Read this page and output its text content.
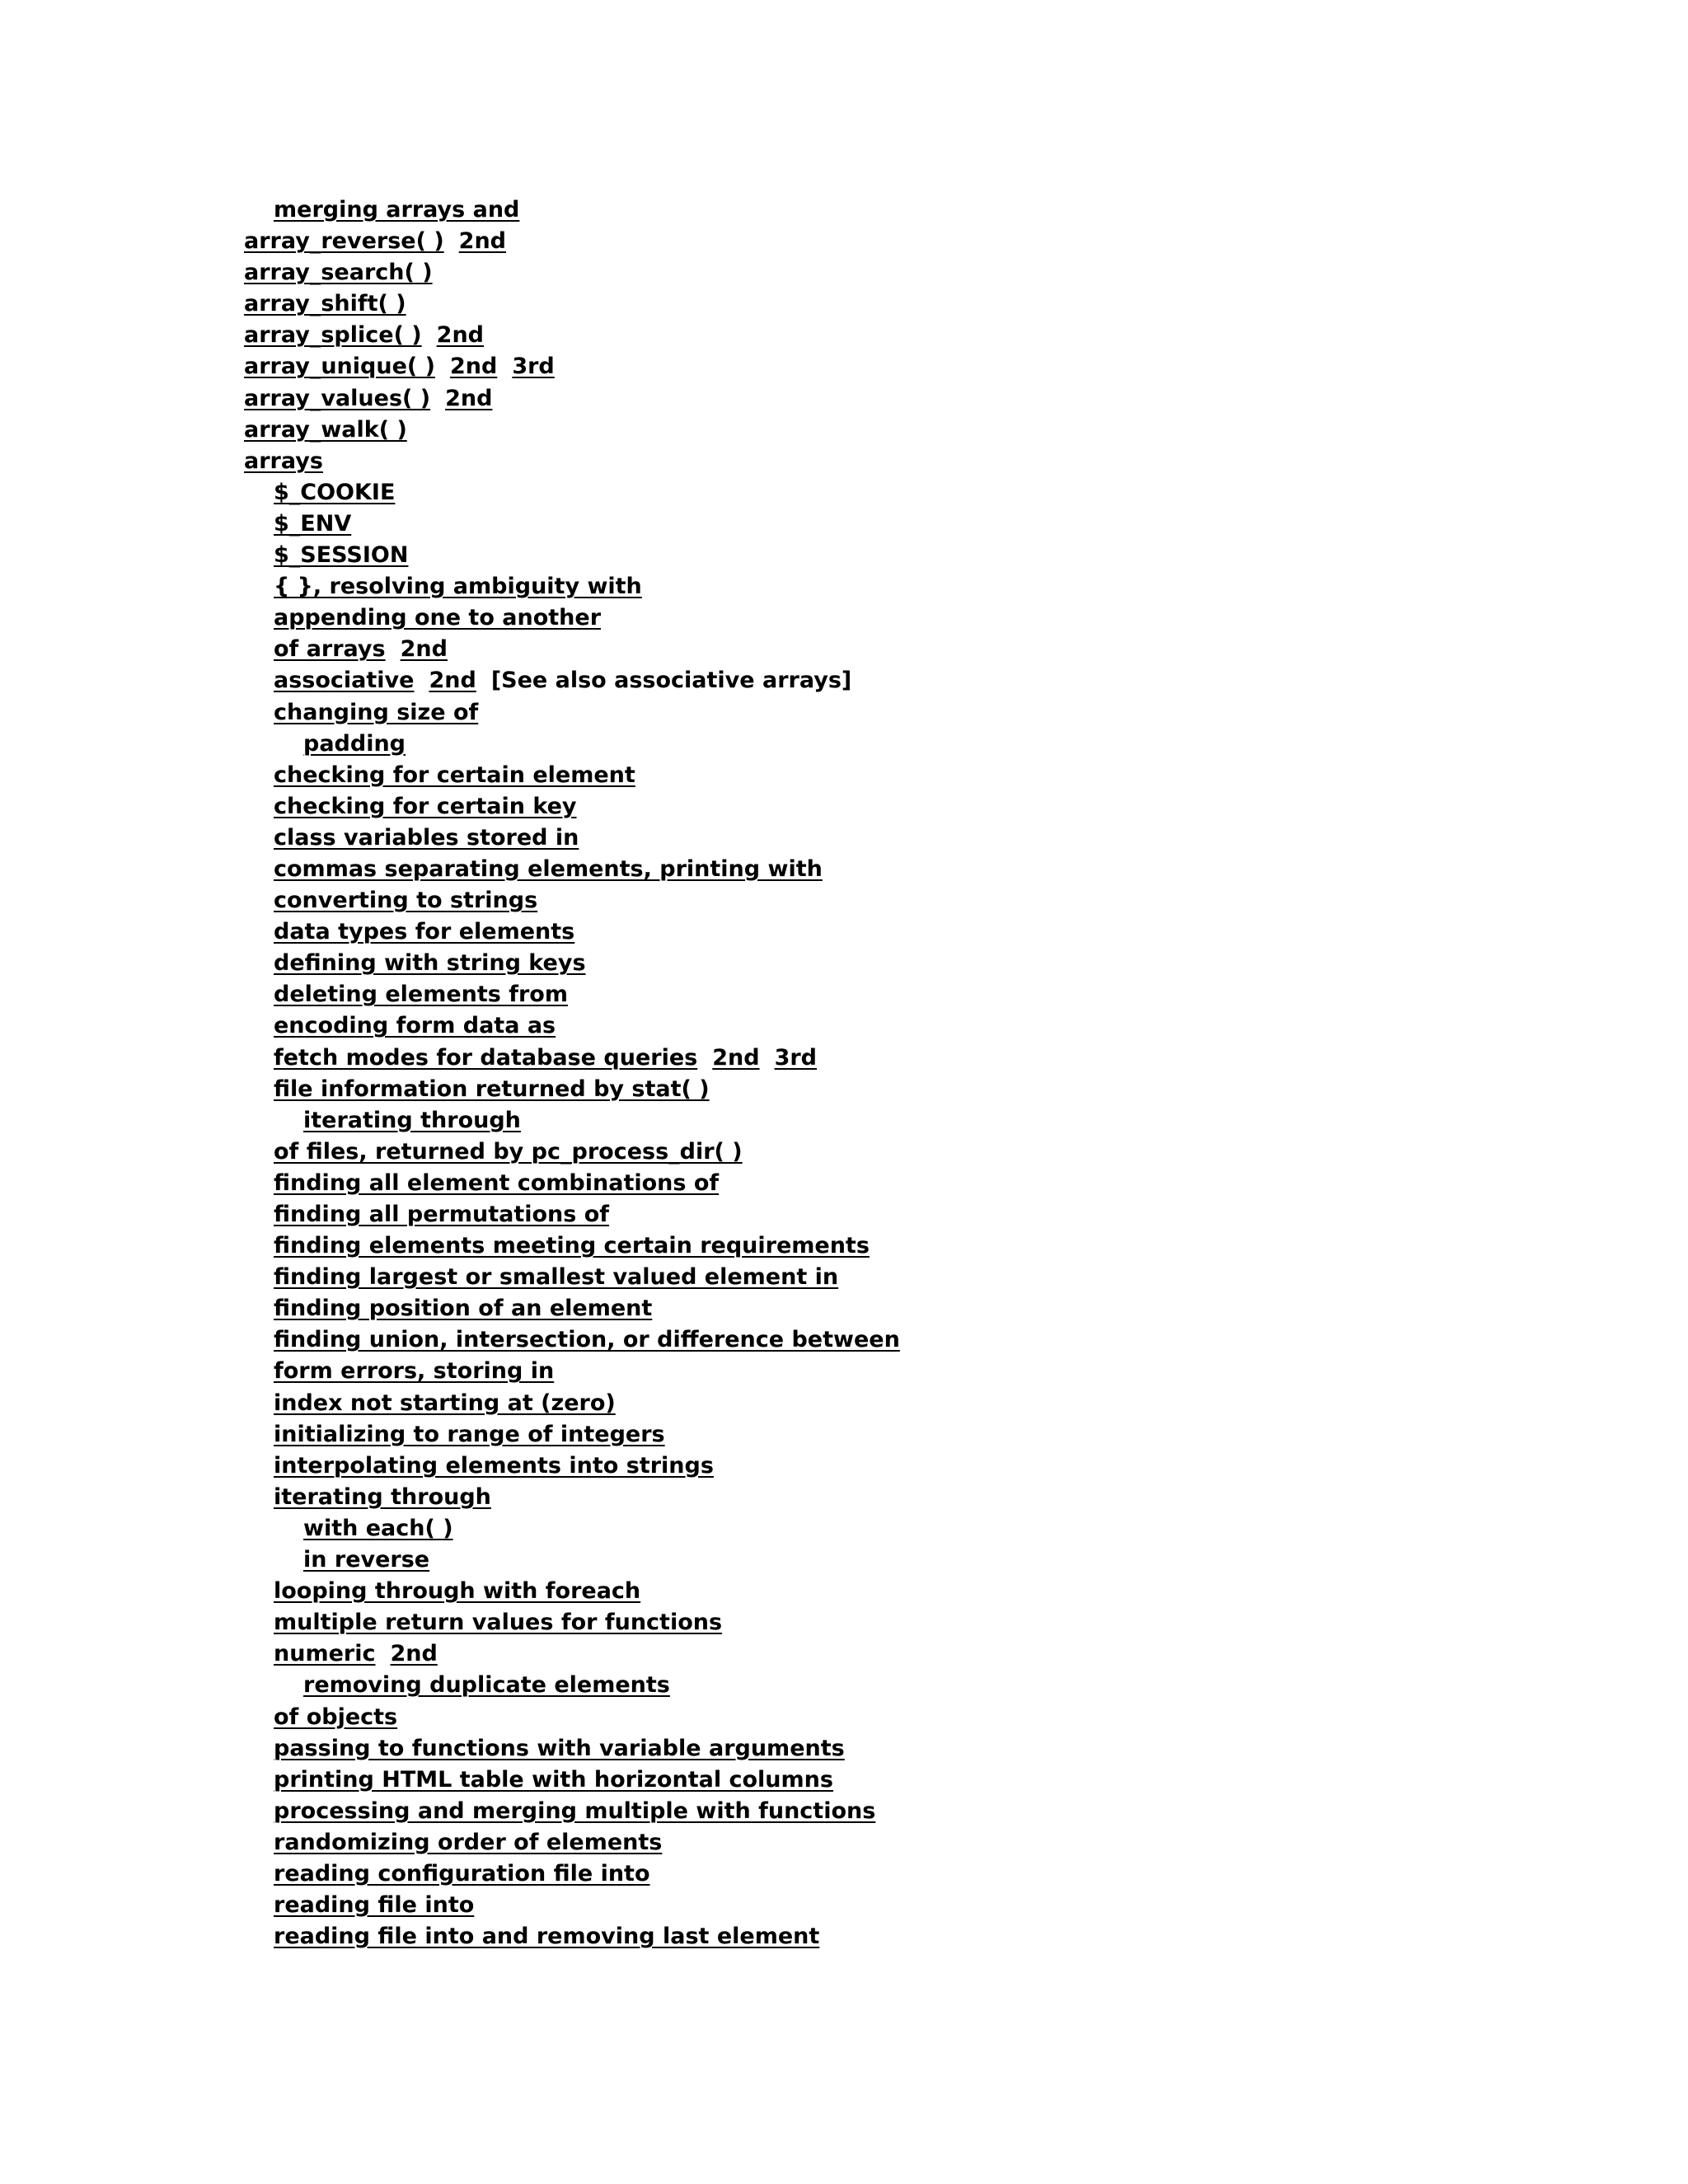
merging arrays and
array_reverse( ) 2nd
array_search( )
array_shift( )
array_splice( ) 2nd
array_unique( ) 2nd 3rd
array_values( ) 2nd
array_walk( )
arrays
$_COOKIE
$_ENV
$_SESSION
{ }, resolving ambiguity with
appending one to another
of arrays 2nd
associative 2nd [See also associative arrays]
changing size of
padding
checking for certain element
checking for certain key
class variables stored in
commas separating elements, printing with
converting to strings
data types for elements
defining with string keys
deleting elements from
encoding form data as
fetch modes for database queries 2nd 3rd
file information returned by stat( )
iterating through
of files, returned by pc_process_dir( )
finding all element combinations of
finding all permutations of
finding elements meeting certain requirements
finding largest or smallest valued element in
finding position of an element
finding union, intersection, or difference between
form errors, storing in
index not starting at (zero)
initializing to range of integers
interpolating elements into strings
iterating through
with each( )
in reverse
looping through with foreach
multiple return values for functions
numeric 2nd
removing duplicate elements
of objects
passing to functions with variable arguments
printing HTML table with horizontal columns
processing and merging multiple with functions
randomizing order of elements
reading configuration file into
reading file into
reading file into and removing last element
